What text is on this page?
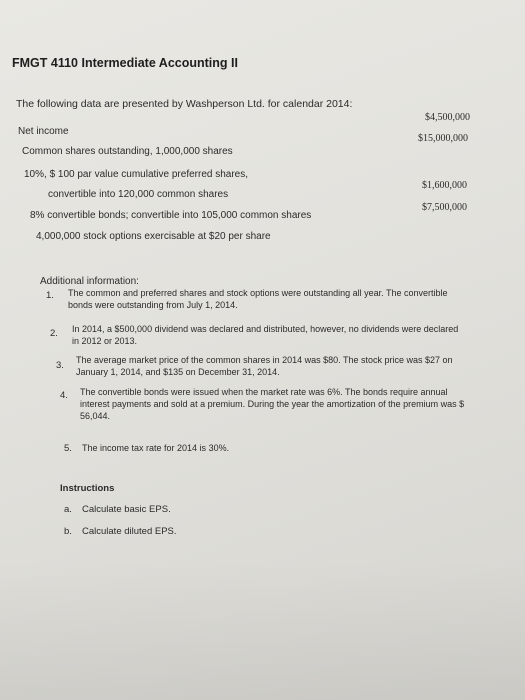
FMGT 4110 Intermediate Accounting II
The following data are presented by Washperson Ltd. for calendar 2014:
Net income
$4,500,000
Common shares outstanding, 1,000,000 shares
$15,000,000
10%, $ 100 par value cumulative preferred shares,
convertible into 120,000 common shares
$1,600,000
8% convertible bonds; convertible into 105,000 common shares
$7,500,000
4,000,000 stock options exercisable at $20 per share
Additional information:
1. The common and preferred shares and stock options were outstanding all year. The convertible bonds were outstanding from July 1, 2014.
2. In 2014, a $500,000 dividend was declared and distributed, however, no dividends were declared in 2012 or 2013.
3. The average market price of the common shares in 2014 was $80. The stock price was $27 on January 1, 2014, and $135 on December 31, 2014.
4. The convertible bonds were issued when the market rate was 6%. The bonds require annual interest payments and sold at a premium. During the year the amortization of the premium was $ 56,044.
5. The income tax rate for 2014 is 30%.
Instructions
a. Calculate basic EPS.
b. Calculate diluted EPS.
